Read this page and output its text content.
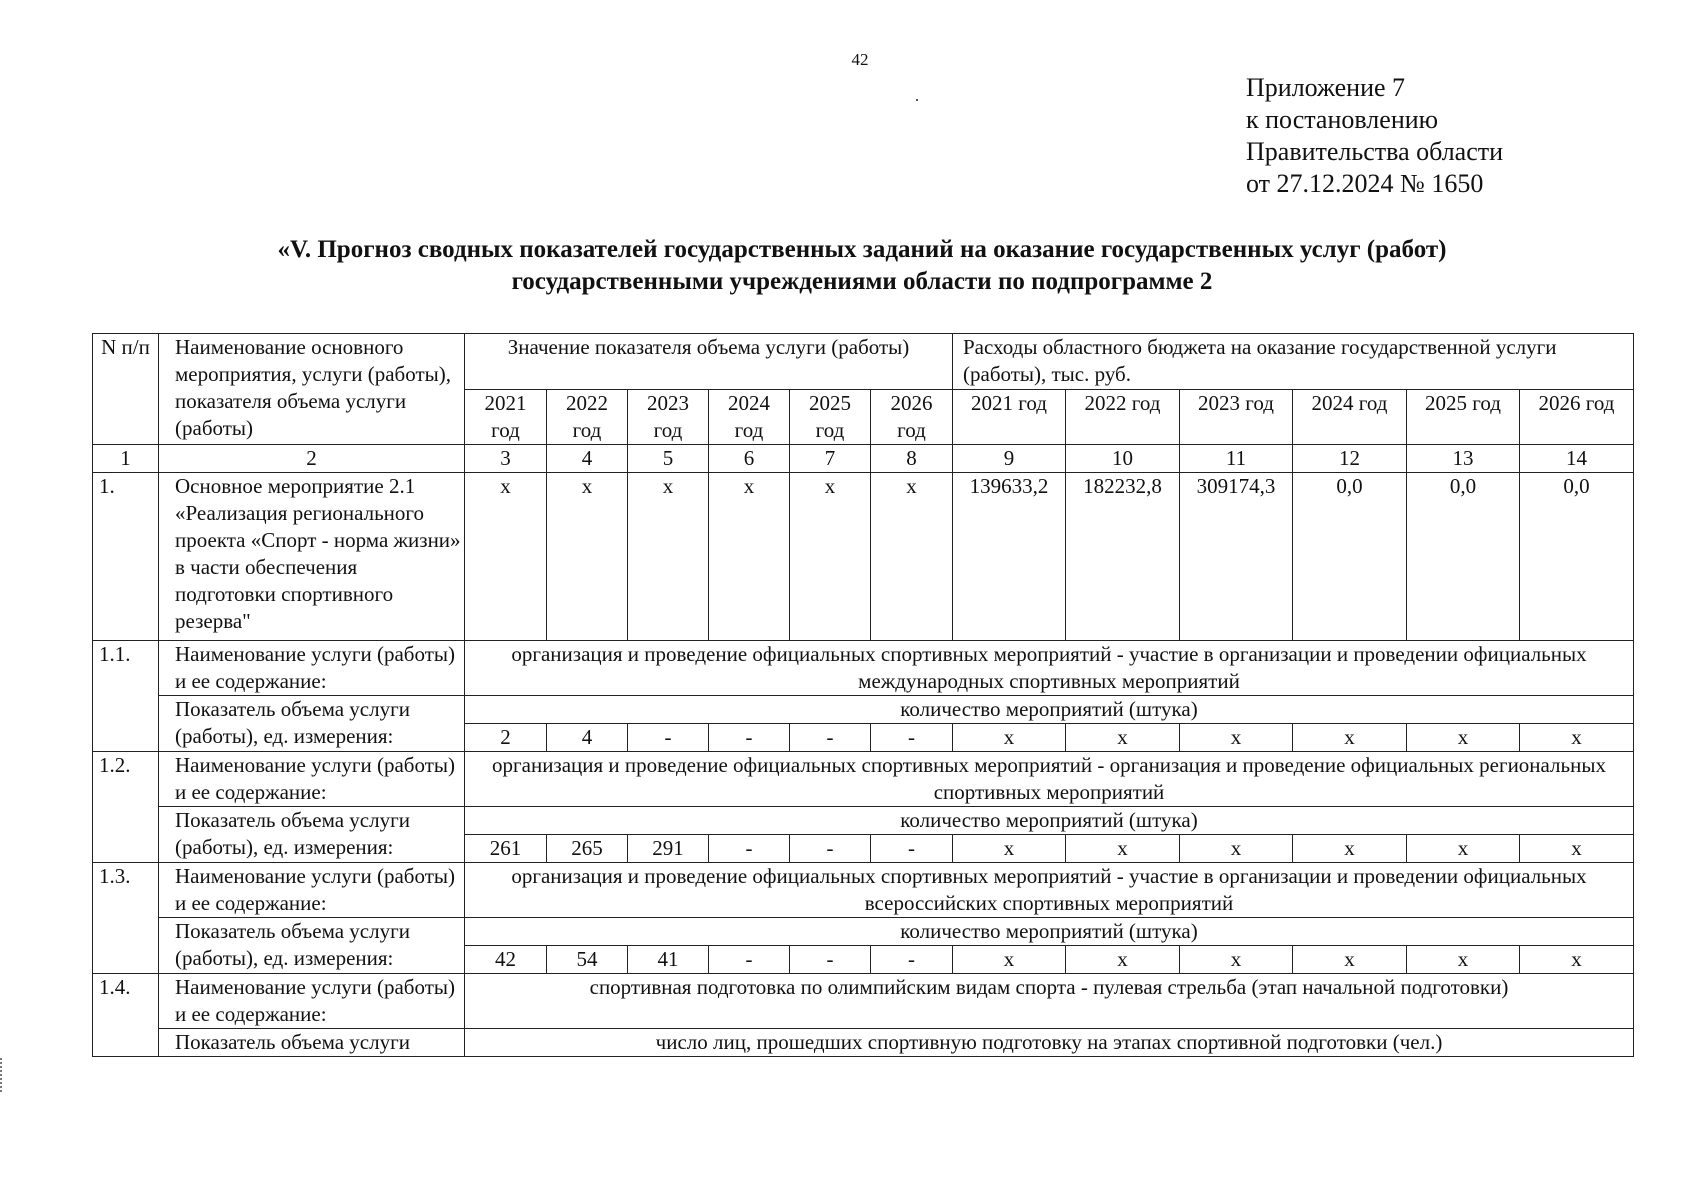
42
Приложение 7
к постановлению
Правительства области
от 27.12.2024 № 1650
«V. Прогноз сводных показателей государственных заданий на оказание государственных услуг (работ)
государственными учреждениями области по подпрограмме 2
N п/п	Наименование основного мероприятия, услуги (работы), показателя объема услуги (работы)	Значение показателя объема услуги (работы)						Расходы областного бюджета на оказание государственной услуги (работы), тыс. руб.					
		2021 год	2022 год	2023 год	2024 год	2025 год	2026 год	2021 год	2022 год	2023 год	2024 год	2025 год	2026 год
1	2	3	4	5	6	7	8	9	10	11	12	13	14
1.	Основное мероприятие 2.1 «Реализация регионального проекта «Спорт - норма жизни» в части обеспечения подготовки спортивного резерва"	х	х	х	х	х	х	139633,2	182232,8	309174,3	0,0	0,0	0,0
1.1.	Наименование услуги (работы) и ее содержание:	организация и проведение официальных спортивных мероприятий - участие в организации и проведении официальных международных спортивных мероприятий											
	Показатель объема услуги (работы), ед. измерения:	количество мероприятий (штука)											
		2	4	-	-	-	-	х	х	х	х	х	х
1.2.	Наименование услуги (работы) и ее содержание:	организация и проведение официальных спортивных мероприятий - организация и проведение официальных региональных спортивных мероприятий											
	Показатель объема услуги (работы), ед. измерения:	количество мероприятий (штука)											
		261	265	291	-	-	-	х	х	х	х	х	х
1.3.	Наименование услуги (работы) и ее содержание:	организация и проведение официальных спортивных мероприятий - участие в организации и проведении официальных всероссийских спортивных мероприятий											
	Показатель объема услуги (работы), ед. измерения:	количество мероприятий (штука)											
		42	54	41	-	-	-	х	х	х	х	х	х
1.4.	Наименование услуги (работы) и ее содержание:	спортивная подготовка по олимпийским видам спорта - пулевая стрельба (этап начальной подготовки)											
	Показатель объема услуги	число лиц, прошедших спортивную подготовку на этапах спортивной подготовки (чел.)											
